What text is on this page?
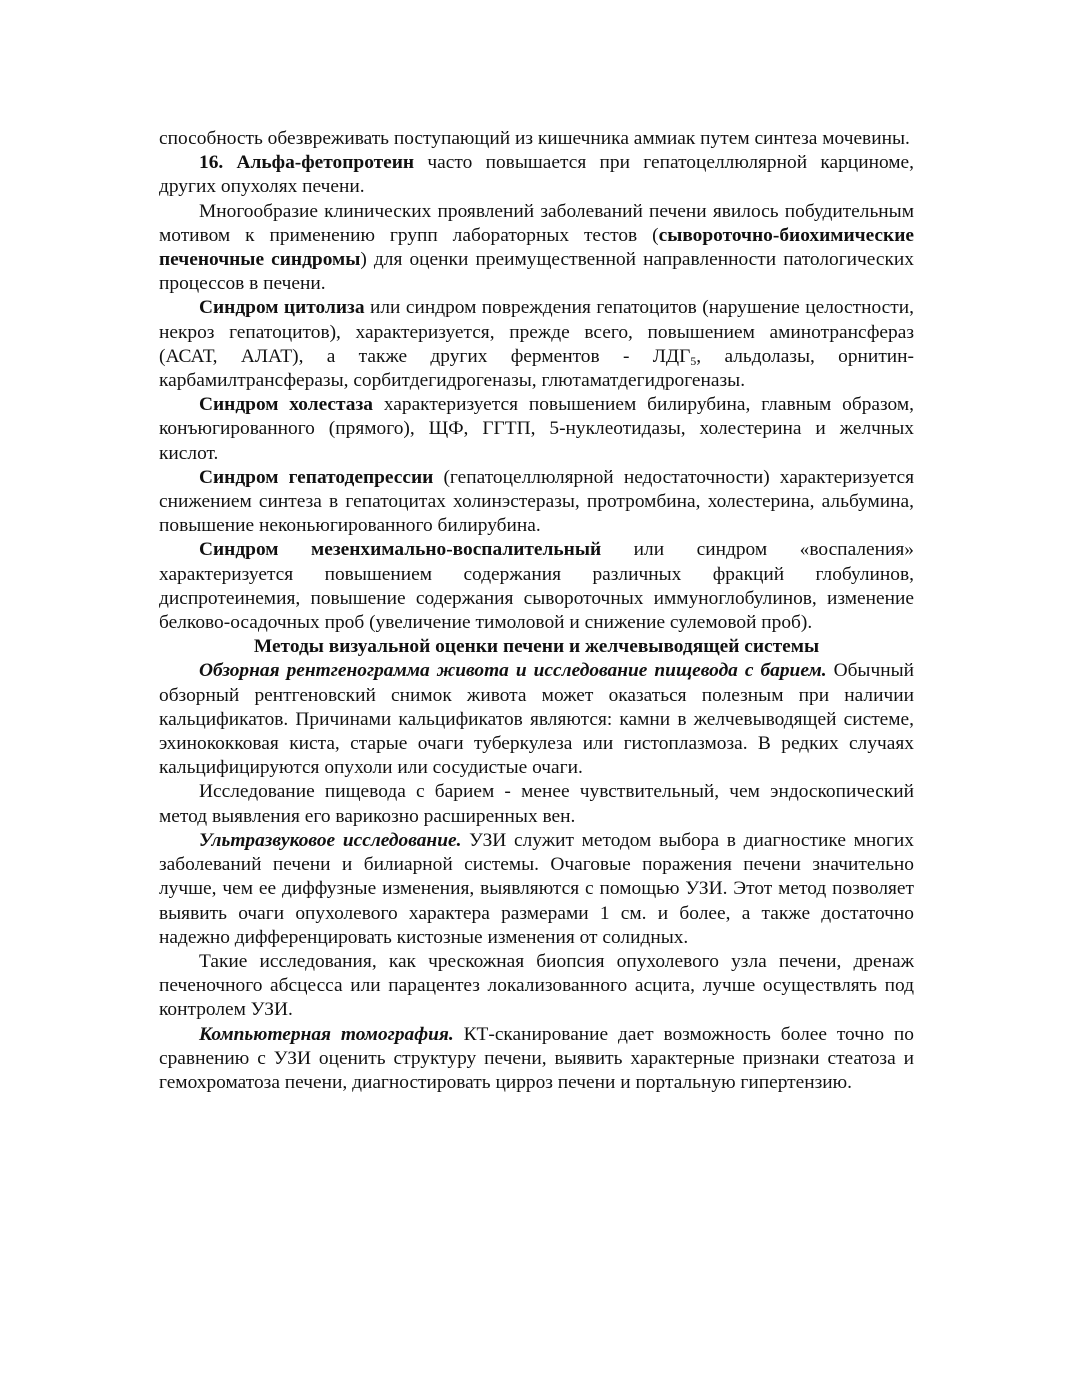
способность обезвреживать поступающий из кишечника аммиак путем синтеза мочевины.

16. Альфа-фетопротеин часто повышается при гепатоцеллюлярной карциноме, других опухолях печени.

Многообразие клинических проявлений заболеваний печени явилось побудительным мотивом к применению групп лабораторных тестов (сывороточно-биохимические печеночные синдромы) для оценки преимущественной направленности патологических процессов в печени.

Синдром цитолиза или синдром повреждения гепатоцитов (нарушение целостности, некроз гепатоцитов), характеризуется, прежде всего, повышением аминотрансфераз (АСАТ, АЛАТ), а также других ферментов - $ЛДГ_5$, альдолазы, орнитин-карбамилтрансферазы, сорбитдегидрогеназы, глютаматдегидрогеназы.

Синдром холестаза характеризуется повышением билирубина, главным образом, конъюгированного (прямого), ЩФ, ГГТП, 5-нуклеотидазы, холестерина и желчных кислот.

Синдром гепатодепрессии (гепатоцеллюлярной недостаточности) характеризуется снижением синтеза в гепатоцитах холинэстеразы, протромбина, холестерина, альбумина, повышение неконьюгированного билирубина.

Синдром мезенхимально-воспалительный или синдром «воспаления» характеризуется повышением содержания различных фракций глобулинов, диспротеинемия, повышение содержания сывороточных иммуноглобулинов, изменение белково-осадочных проб (увеличение тимоловой и снижение сулемовой проб).

Методы визуальной оценки печени и желчевыводящей системы

Обзорная рентгенограмма живота и исследование пищевода с барием. Обычный обзорный рентгеновский снимок живота может оказаться полезным при наличии кальцификатов. Причинами кальцификатов являются: камни в желчевыводящей системе, эхинококковая киста, старые очаги туберкулеза или гистоплазмоза. В редких случаях кальцифицируются опухоли или сосудистые очаги.

Исследование пищевода с барием - менее чувствительный, чем эндоскопический метод выявления его варикозно расширенных вен.

Ультразвуковое исследование. УЗИ служит методом выбора в диагностике многих заболеваний печени и билиарной системы. Очаговые поражения печени значительно лучше, чем ее диффузные изменения, выявляются с помощью УЗИ. Этот метод позволяет выявить очаги опухолевого характера размерами 1 см. и более, а также достаточно надежно дифференцировать кистозные изменения от солидных.

Такие исследования, как чрескожная биопсия опухолевого узла печени, дренаж печеночного абсцесса или парацентез локализованного асцита, лучше осуществлять под контролем УЗИ.

Компьютерная томография. КТ-сканирование дает возможность более точно по сравнению с УЗИ оценить структуру печени, выявить характерные признаки стеатоза и гемохроматоза печени, диагностировать цирроз печени и портальную гипертензию.
